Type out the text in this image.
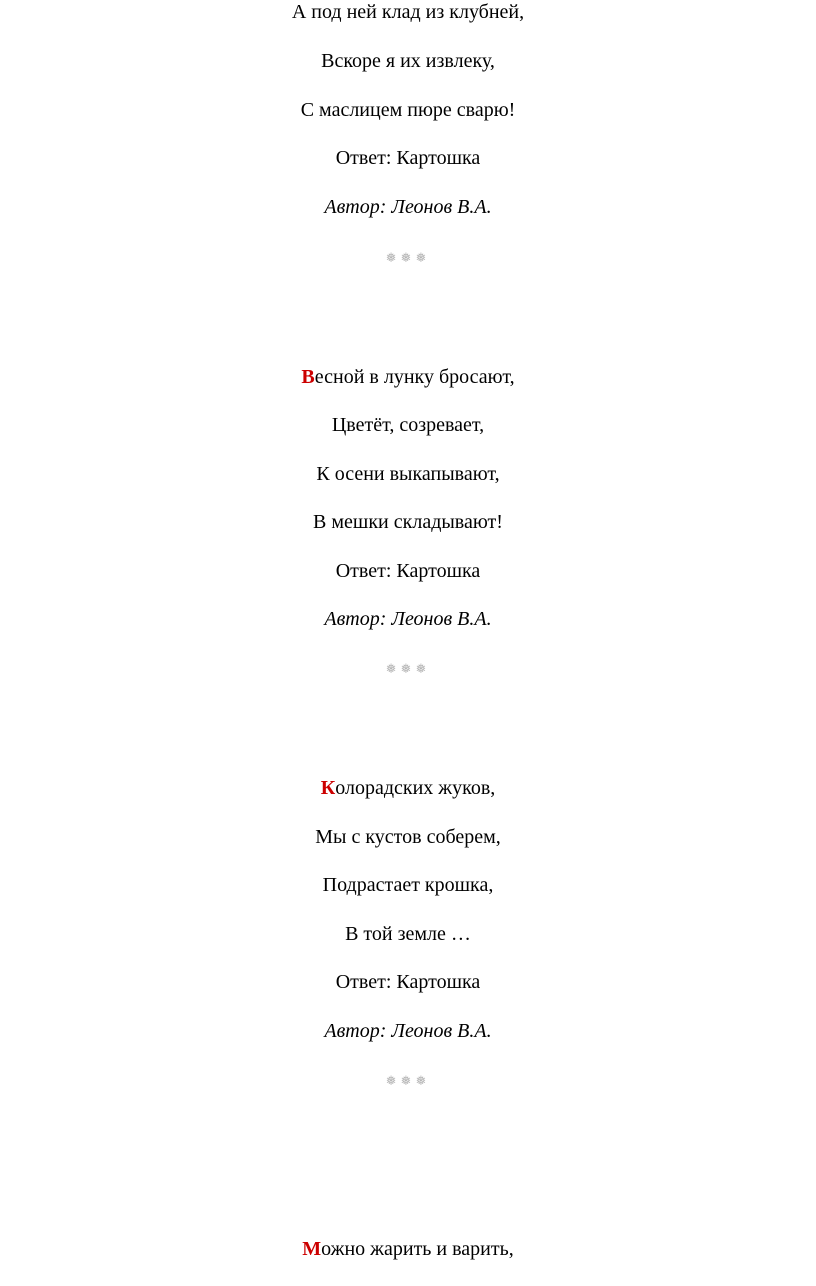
А под ней клад из клубней,
Вскоре я их извлеку,
С маслицем пюре сварю!
Ответ: Картошка
Автор: Леонов В.А.
❅❅❅
Весной в лунку бросают,
Цветёт, созревает,
К осени выкапывают,
В мешки складывают!
Ответ: Картошка
Автор: Леонов В.А.
❅❅❅
Колорадских жуков,
Мы с кустов соберем,
Подрастает крошка,
В той земле …
Ответ: Картошка
Автор: Леонов В.А.
❅❅❅
Можно жарить и варить,
